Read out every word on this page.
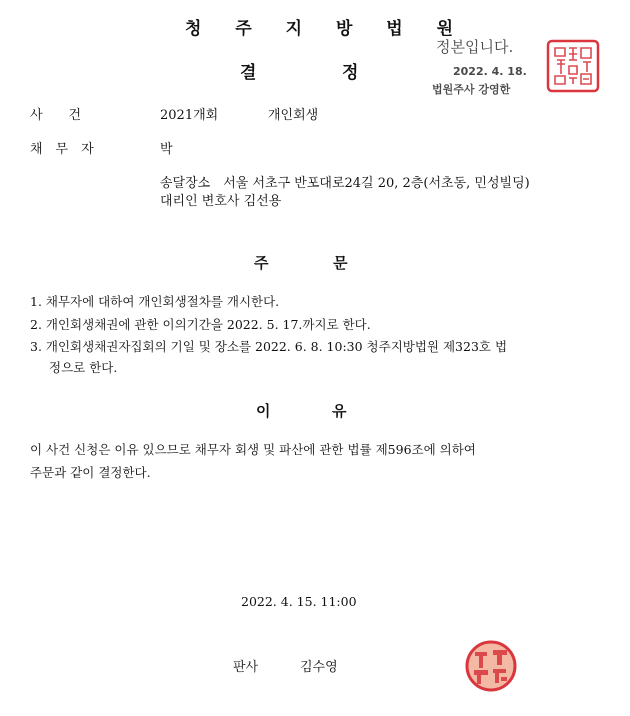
청 주 지 방 법 원
결	정
정본입니다.
2022. 4. 18.
법원주사 강영한
사　　건	2021개회	개인회생
채　무　자	박
송달장소　서울 서초구 반포대로24길 20, 2층(서초동, 민성빌딩)
대리인 변호사 김선용
주	문
1. 채무자에 대하여 개인회생절차를 개시한다.
2. 개인회생채권에 관한 이의기간을 2022. 5. 17.까지로 한다.
3. 개인회생채권자집회의 기일 및 장소를 2022. 6. 8. 10:30 청주지방법원 제323호 법
정으로 한다.
이	유
이 사건 신청은 이유 있으므로 채무자 회생 및 파산에 관한 법률 제596조에 의하여
주문과 같이 결정한다.
2022. 4. 15. 11:00
판사	김수영
